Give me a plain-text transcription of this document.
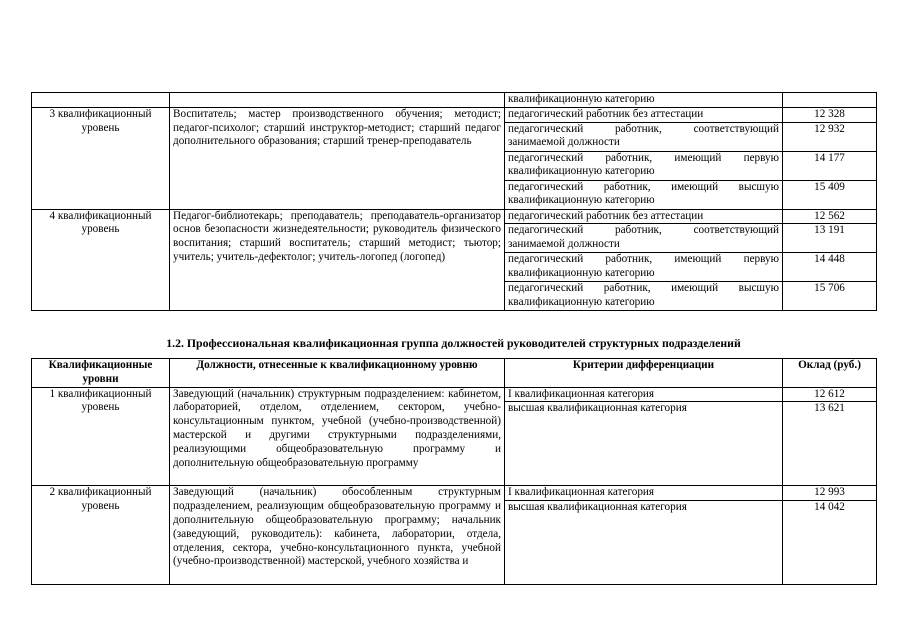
		квалификационную категорию	
3 квалификационный уровень	Воспитатель; мастер производственного обучения; методист; педагог-психолог; старший инструктор-методист; старший педагог дополнительного образования; старший тренер-преподаватель	педагогический работник без аттестации	12 328
		педагогический работник, соответствующий занимаемой должности	12 932
		педагогический работник, имеющий первую квалификационную категорию	14 177
		педагогический работник, имеющий высшую квалификационную категорию	15 409
4 квалификационный уровень	Педагог-библиотекарь; преподаватель; преподаватель-организатор основ безопасности жизнедеятельности; руководитель физического воспитания; старший воспитатель; старший методист; тьютор; учитель; учитель-дефектолог; учитель-логопед (логопед)	педагогический работник без аттестации	12 562
		педагогический работник, соответствующий занимаемой должности	13 191
		педагогический работник, имеющий первую квалификационную категорию	14 448
		педагогический работник, имеющий высшую квалификационную категорию	15 706
1.2. Профессиональная квалификационная группа должностей руководителей структурных подразделений
Квалификационные уровни	Должности, отнесенные к квалификационному уровню	Критерии дифференциации	Оклад (руб.)
1 квалификационный уровень	Заведующий (начальник) структурным подразделением: кабинетом, лабораторией, отделом, отделением, сектором, учебно-консультационным пунктом, учебной (учебно-производственной) мастерской и другими структурными подразделениями, реализующими общеобразовательную программу и дополнительную общеобразовательную программу	I квалификационная категория	12 612
		высшая квалификационная категория	13 621
2 квалификационный уровень	Заведующий (начальник) обособленным структурным подразделением, реализующим общеобразовательную программу и дополнительную общеобразовательную программу; начальник (заведующий, руководитель): кабинета, лаборатории, отдела, отделения, сектора, учебно-консультационного пункта, учебной (учебно-производственной) мастерской, учебного хозяйства и	I квалификационная категория	12 993
		высшая квалификационная категория	14 042
